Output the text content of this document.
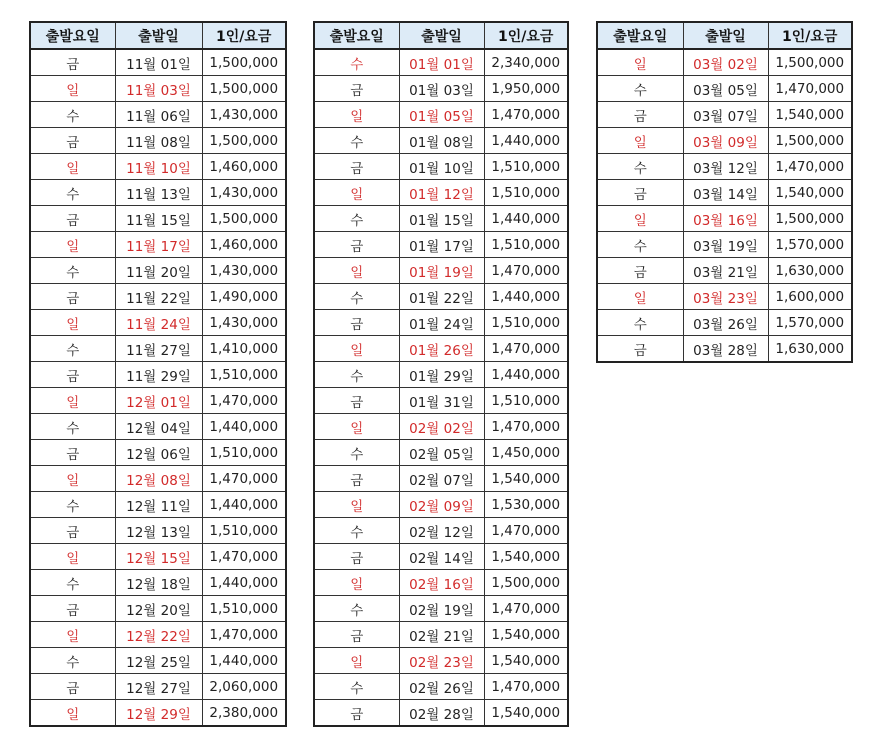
출발요일	출발일	1인/요금
금	11월 01일	1,500,000
일	11월 03일	1,500,000
수	11월 06일	1,430,000
금	11월 08일	1,500,000
일	11월 10일	1,460,000
수	11월 13일	1,430,000
금	11월 15일	1,500,000
일	11월 17일	1,460,000
수	11월 20일	1,430,000
금	11월 22일	1,490,000
일	11월 24일	1,430,000
수	11월 27일	1,410,000
금	11월 29일	1,510,000
일	12월 01일	1,470,000
수	12월 04일	1,440,000
금	12월 06일	1,510,000
일	12월 08일	1,470,000
수	12월 11일	1,440,000
금	12월 13일	1,510,000
일	12월 15일	1,470,000
수	12월 18일	1,440,000
금	12월 20일	1,510,000
일	12월 22일	1,470,000
수	12월 25일	1,440,000
금	12월 27일	2,060,000
일	12월 29일	2,380,000
출발요일	출발일	1인/요금
수	01월 01일	2,340,000
금	01월 03일	1,950,000
일	01월 05일	1,470,000
수	01월 08일	1,440,000
금	01월 10일	1,510,000
일	01월 12일	1,510,000
수	01월 15일	1,440,000
금	01월 17일	1,510,000
일	01월 19일	1,470,000
수	01월 22일	1,440,000
금	01월 24일	1,510,000
일	01월 26일	1,470,000
수	01월 29일	1,440,000
금	01월 31일	1,510,000
일	02월 02일	1,470,000
수	02월 05일	1,450,000
금	02월 07일	1,540,000
일	02월 09일	1,530,000
수	02월 12일	1,470,000
금	02월 14일	1,540,000
일	02월 16일	1,500,000
수	02월 19일	1,470,000
금	02월 21일	1,540,000
일	02월 23일	1,540,000
수	02월 26일	1,470,000
금	02월 28일	1,540,000
출발요일	출발일	1인/요금
일	03월 02일	1,500,000
수	03월 05일	1,470,000
금	03월 07일	1,540,000
일	03월 09일	1,500,000
수	03월 12일	1,470,000
금	03월 14일	1,540,000
일	03월 16일	1,500,000
수	03월 19일	1,570,000
금	03월 21일	1,630,000
일	03월 23일	1,600,000
수	03월 26일	1,570,000
금	03월 28일	1,630,000
